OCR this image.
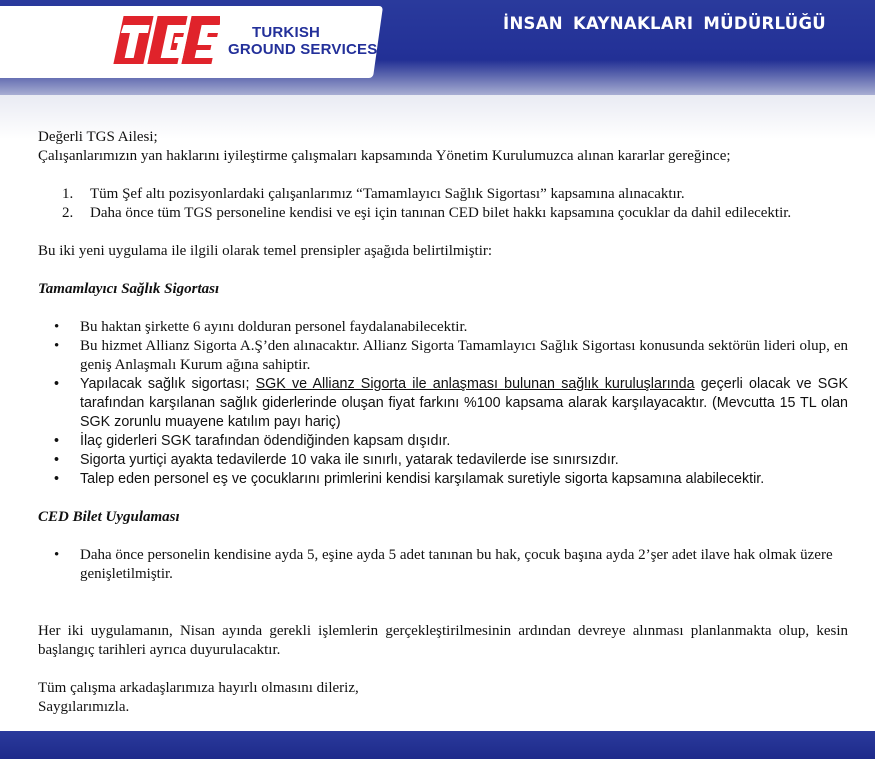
TURKISH
GROUND SERVICES
İNSAN KAYNAKLARI MÜDÜRLÜĞÜ

Değerli TGS Ailesi;

Çalışanlarımızın yan haklarını iyileştirme çalışmaları kapsamında Yönetim Kurulumuzca alınan kararlar gereğince;

1. Tüm Şef altı pozisyonlardaki çalışanlarımız “Tamamlayıcı Sağlık Sigortası” kapsamına alınacaktır.
2. Daha önce tüm TGS personeline kendisi ve eşi için tanınan CED bilet hakkı kapsamına çocuklar da dahil edilecektir.

Bu iki yeni uygulama ile ilgili olarak temel prensipler aşağıda belirtilmiştir:

Tamamlayıcı Sağlık Sigortası

• Bu haktan şirkette 6 ayını dolduran personel faydalanabilecektir.
• Bu hizmet Allianz Sigorta A.Ş’den alınacaktır. Allianz Sigorta Tamamlayıcı Sağlık Sigortası konusunda sektörün lideri olup, en geniş Anlaşmalı Kurum ağına sahiptir.
• Yapılacak sağlık sigortası; SGK ve Allianz Sigorta ile anlaşması bulunan sağlık kuruluşlarında geçerli olacak ve SGK tarafından karşılanan sağlık giderlerinde oluşan fiyat farkını %100 kapsama alarak karşılayacaktır. (Mevcutta 15 TL olan SGK zorunlu muayene katılım payı hariç)
• İlaç giderleri SGK tarafından ödendiğinden kapsam dışıdır.
• Sigorta yurtiçi ayakta tedavilerde 10 vaka ile sınırlı, yatarak tedavilerde ise sınırsızdır.
• Talep eden personel eş ve çocuklarını primlerini kendisi karşılamak suretiyle sigorta kapsamına alabilecektir.

CED Bilet Uygulaması

• Daha önce personelin kendisine ayda 5, eşine ayda 5 adet tanınan bu hak, çocuk başına ayda 2’şer adet ilave hak olmak üzere genişletilmiştir.

Her iki uygulamanın, Nisan ayında gerekli işlemlerin gerçekleştirilmesinin ardından devreye alınması planlanmakta olup, kesin başlangıç tarihleri ayrıca duyurulacaktır.

Tüm çalışma arkadaşlarımıza hayırlı olmasını dileriz,

Saygılarımızla.
